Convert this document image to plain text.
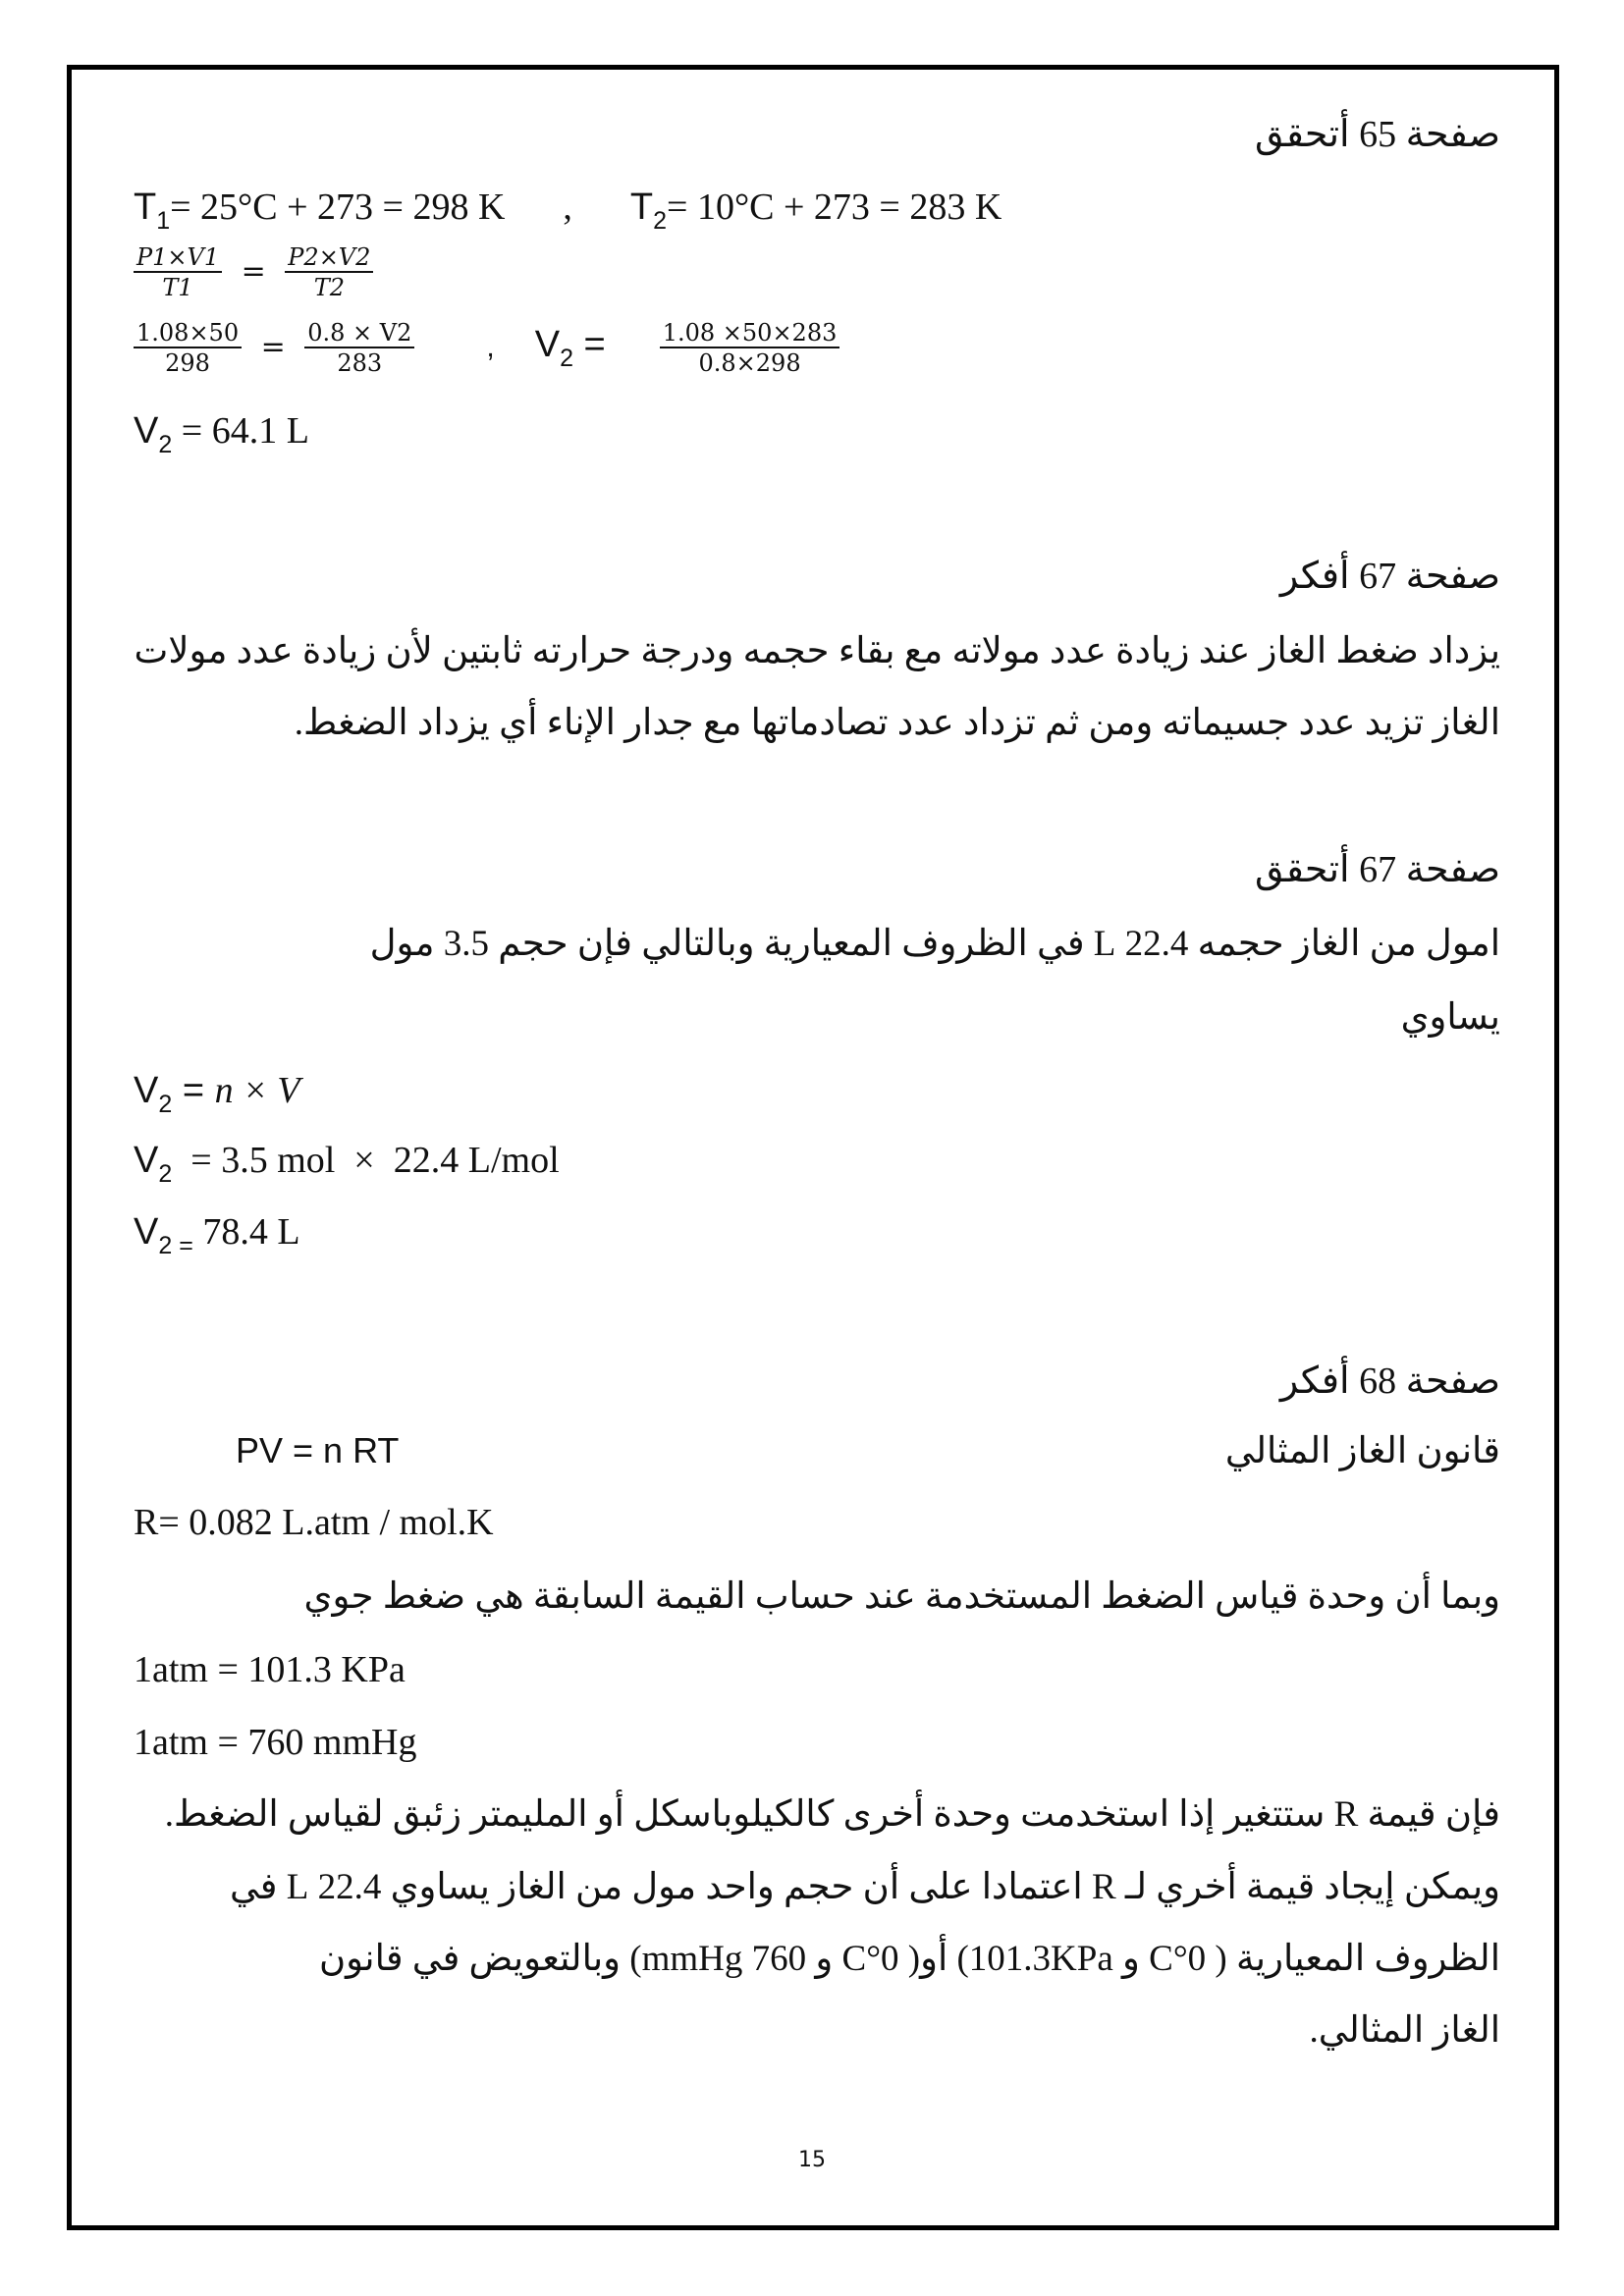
صفحة 65 أتحقق
$T_1= 25^\circ C + 273 = 298$ K , $T_2= 10^\circ C + 273 = 283$ K
$\frac{P1\times V1}{T1} = \frac{P2\times V2}{T2}$
$\frac{1.08\times 50}{298} = \frac{0.8 \times V2}{283}$ , $V_2 = \frac{1.08 \times 50\times 283}{0.8\times 298}$
$V_2 = 64.1$ L
صفحة 67 أفكر
يزداد ضغط الغاز عند زيادة عدد مولاته مع بقاء حجمه ودرجة حرارته ثابتين لأن زيادة عدد مولات
الغاز تزيد عدد جسيماته ومن ثم تزداد عدد تصادماتها مع جدار الإناء أي يزداد الضغط.
صفحة 67 أتحقق
امول من الغاز حجمه 22.4 L في الظروف المعيارية وبالتالي فإن حجم 3.5 مول
يساوي
$V_2 = n \times V$
$V_2 = 3.5$ mol  ×  22.4 L/mol
$V_{2 =}$ 78.4 L
صفحة 68 أفكر
قانون الغاز المثالي
PV = n RT
R= 0.082 L.atm / mol.K
وبما أن وحدة قياس الضغط المستخدمة عند حساب القيمة السابقة هي ضغط جوي
1atm = 101.3 KPa
1atm = 760 mmHg
فإن قيمة R ستتغير إذا استخدمت وحدة أخرى كالكيلوباسكل أو المليمتر زئبق لقياس الضغط.
ويمكن إيجاد قيمة أخري لـ R اعتمادا على أن حجم واحد مول من الغاز يساوي 22.4 L في
الظروف المعيارية ( 0°C و 101.3KPa) أو( 0°C و 760 mmHg) وبالتعويض في قانون
الغاز المثالي.
15
